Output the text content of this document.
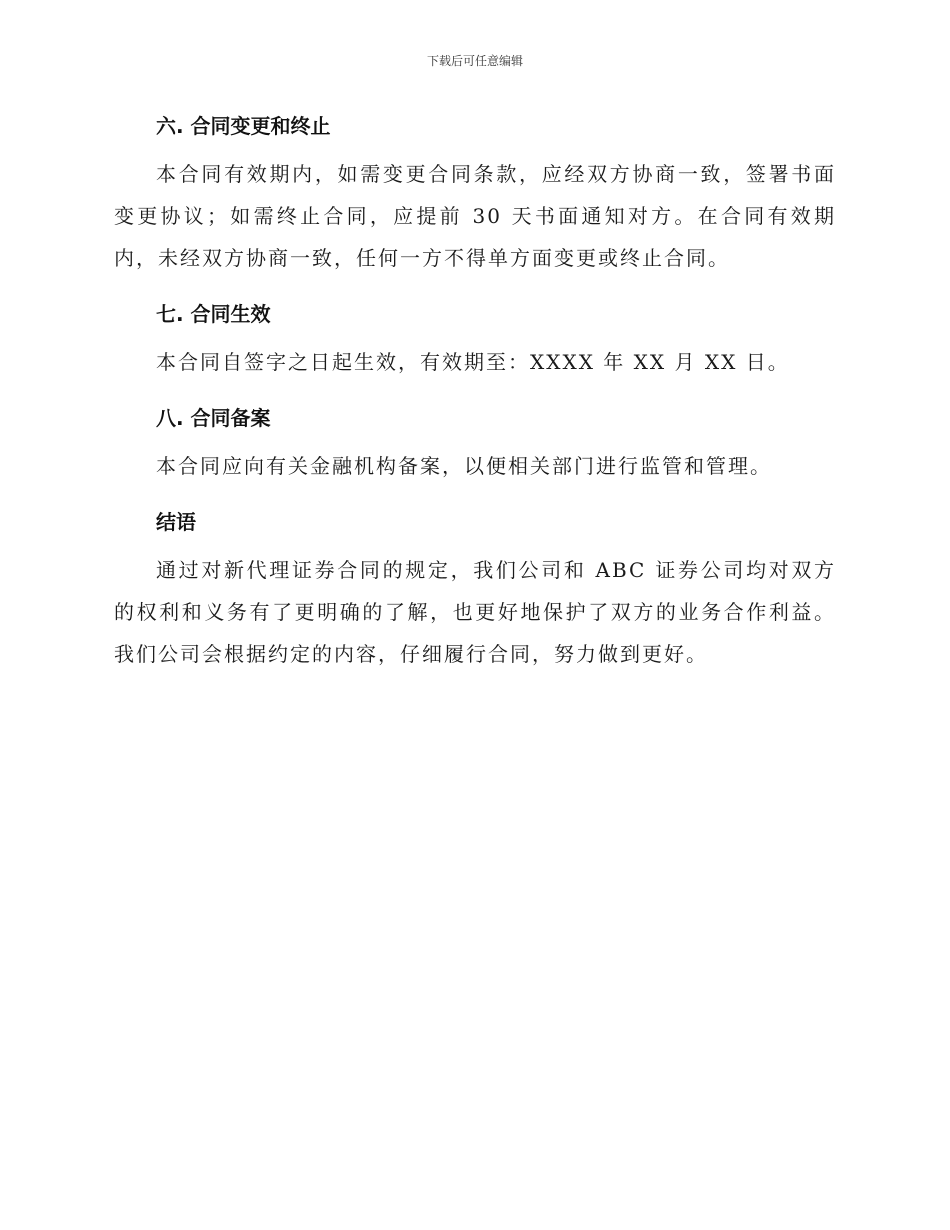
下载后可任意编辑
六. 合同变更和终止

本合同有效期内，如需变更合同条款，应经双方协商一致，签署书面变更协议；如需终止合同，应提前 30 天书面通知对方。在合同有效期内，未经双方协商一致，任何一方不得单方面变更或终止合同。

七. 合同生效

本合同自签字之日起生效，有效期至：XXXX 年 XX 月 XX 日。

八. 合同备案

本合同应向有关金融机构备案，以便相关部门进行监管和管理。

结语

通过对新代理证券合同的规定，我们公司和 ABC 证券公司均对双方的权利和义务有了更明确的了解，也更好地保护了双方的业务合作利益。我们公司会根据约定的内容，仔细履行合同，努力做到更好。
